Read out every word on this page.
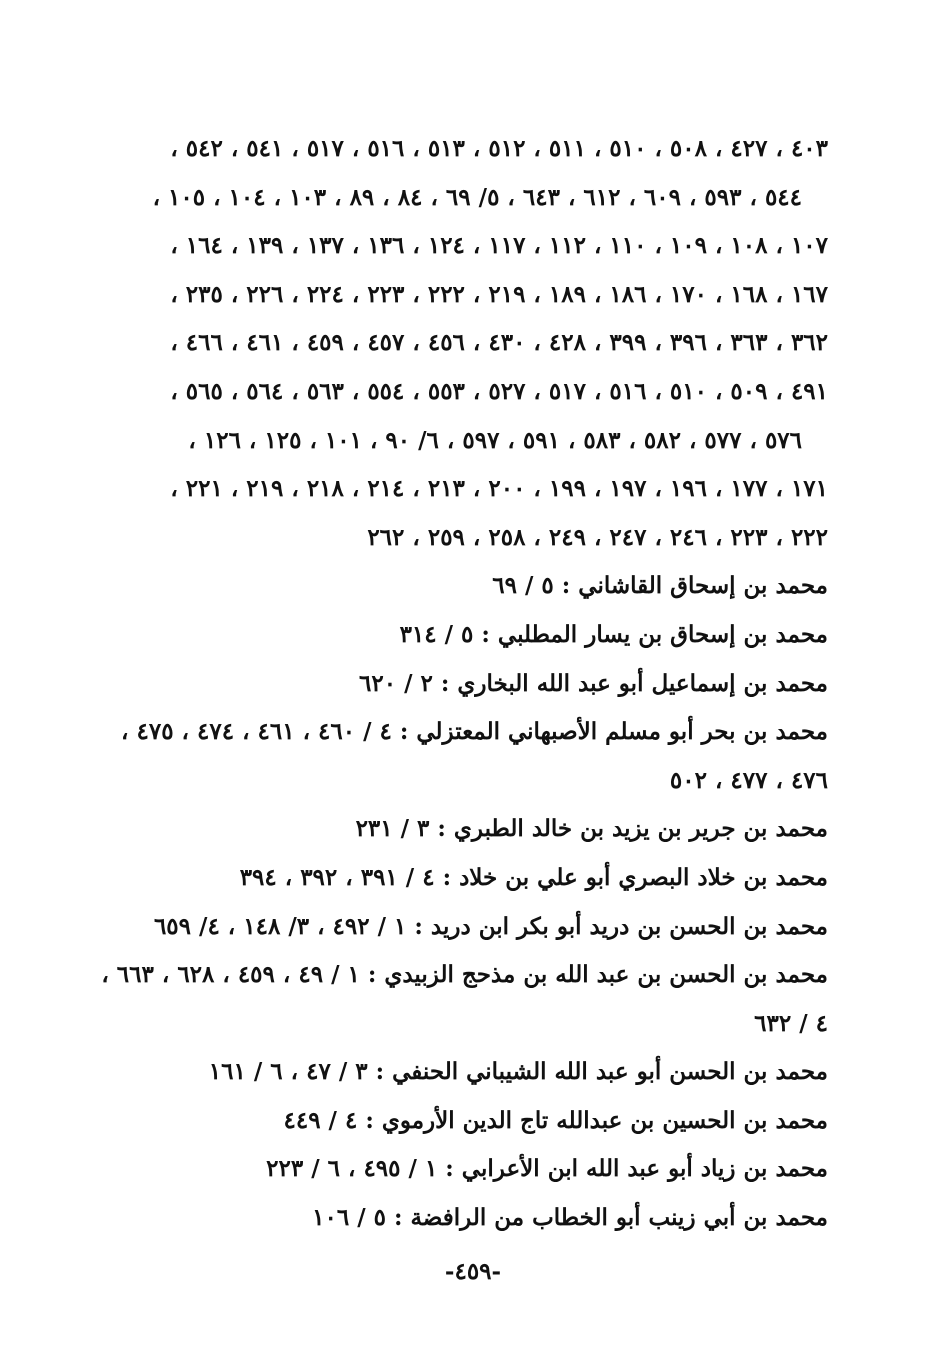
٤٠٣ ، ٤٢٧ ، ٥٠٨ ، ٥١٠ ، ٥١١ ، ٥١٢ ، ٥١٣ ، ٥١٦ ، ٥١٧ ، ٥٤١ ، ٥٤٢ ،
٥٤٤ ، ٥٩٣ ، ٦٠٩ ، ٦١٢ ، ٦٤٣ ، ٥/ ٦٩ ، ٨٤ ، ٨٩ ، ١٠٣ ، ١٠٤ ، ١٠٥ ،
١٠٧ ، ١٠٨ ، ١٠٩ ، ١١٠ ، ١١٢ ، ١١٧ ، ١٢٤ ، ١٣٦ ، ١٣٧ ، ١٣٩ ، ١٦٤ ،
١٦٧ ، ١٦٨ ، ١٧٠ ، ١٨٦ ، ١٨٩ ، ٢١٩ ، ٢٢٢ ، ٢٢٣ ، ٢٢٤ ، ٢٢٦ ، ٢٣٥ ،
٣٦٢ ، ٣٦٣ ، ٣٩٦ ، ٣٩٩ ، ٤٢٨ ، ٤٣٠ ، ٤٥٦ ، ٤٥٧ ، ٤٥٩ ، ٤٦١ ، ٤٦٦ ،
٤٩١ ، ٥٠٩ ، ٥١٠ ، ٥١٦ ، ٥١٧ ، ٥٢٧ ، ٥٥٣ ، ٥٥٤ ، ٥٦٣ ، ٥٦٤ ، ٥٦٥ ،
٥٧٦ ، ٥٧٧ ، ٥٨٢ ، ٥٨٣ ، ٥٩١ ، ٥٩٧ ، ٦/ ٩٠ ، ١٠١ ، ١٢٥ ، ١٢٦ ،
١٧١ ، ١٧٧ ، ١٩٦ ، ١٩٧ ، ١٩٩ ، ٢٠٠ ، ٢١٣ ، ٢١٤ ، ٢١٨ ، ٢١٩ ، ٢٢١ ،
٢٢٢ ، ٢٢٣ ، ٢٤٦ ، ٢٤٧ ، ٢٤٩ ، ٢٥٨ ، ٢٥٩ ، ٢٦٢
محمد بن إسحاق القاشاني : ٥ / ٦٩
محمد بن إسحاق بن يسار المطلبي : ٥ / ٣١٤
محمد بن إسماعيل أبو عبد الله البخاري : ٢ / ٦٢٠
محمد بن بحر أبو مسلم الأصبهاني المعتزلي : ٤ / ٤٦٠ ، ٤٦١ ، ٤٧٤ ، ٤٧٥ ،
٤٧٦ ، ٤٧٧ ، ٥٠٢
محمد بن جرير بن يزيد بن خالد الطبري : ٣ / ٢٣١
محمد بن خلاد البصري أبو علي بن خلاد : ٤ / ٣٩١ ، ٣٩٢ ، ٣٩٤
محمد بن الحسن بن دريد أبو بكر ابن دريد : ١ / ٤٩٢ ، ٣/ ١٤٨ ، ٤/ ٦٥٩
محمد بن الحسن بن عبد الله بن مذحج الزبيدي : ١ / ٤٩ ، ٤٥٩ ، ٦٢٨ ، ٦٦٣ ،
٤ / ٦٣٢
محمد بن الحسن أبو عبد الله الشيباني الحنفي : ٣ / ٤٧ ، ٦ / ١٦١
محمد بن الحسين بن عبدالله تاج الدين الأرموي : ٤ / ٤٤٩
محمد بن زياد أبو عبد الله ابن الأعرابي : ١ / ٤٩٥ ، ٦ / ٢٢٣
محمد بن أبي زينب أبو الخطاب من الرافضة : ٥ / ١٠٦
-٤٥٩-
